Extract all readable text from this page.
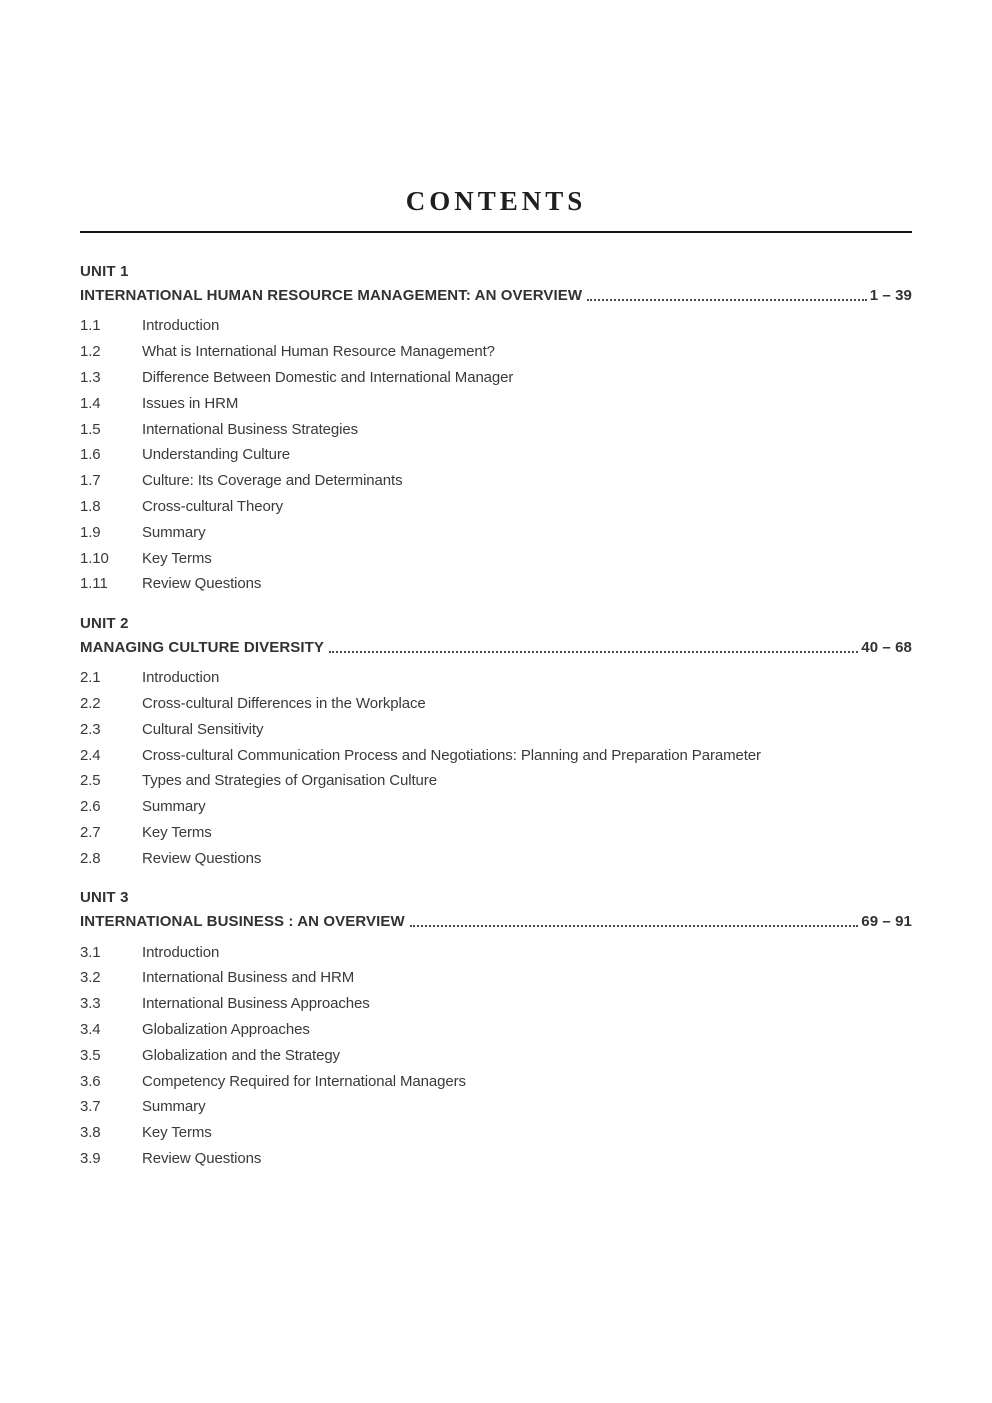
CONTENTS
UNIT 1
INTERNATIONAL HUMAN RESOURCE MANAGEMENT: AN OVERVIEW	1 – 39
1.1	Introduction
1.2	What is International Human Resource Management?
1.3	Difference Between Domestic and International Manager
1.4	Issues in HRM
1.5	International Business Strategies
1.6	Understanding Culture
1.7	Culture: Its Coverage and Determinants
1.8	Cross-cultural Theory
1.9	Summary
1.10	Key Terms
1.11	Review Questions
UNIT 2
MANAGING CULTURE DIVERSITY	40 – 68
2.1	Introduction
2.2	Cross-cultural Differences in the Workplace
2.3	Cultural Sensitivity
2.4	Cross-cultural Communication Process and Negotiations: Planning and Preparation Parameter
2.5	Types and Strategies of Organisation Culture
2.6	Summary
2.7	Key Terms
2.8	Review Questions
UNIT 3
INTERNATIONAL BUSINESS : AN OVERVIEW	69 – 91
3.1	Introduction
3.2	International Business and HRM
3.3	International Business Approaches
3.4	Globalization Approaches
3.5	Globalization and the Strategy
3.6	Competency Required for International Managers
3.7	Summary
3.8	Key Terms
3.9	Review Questions
